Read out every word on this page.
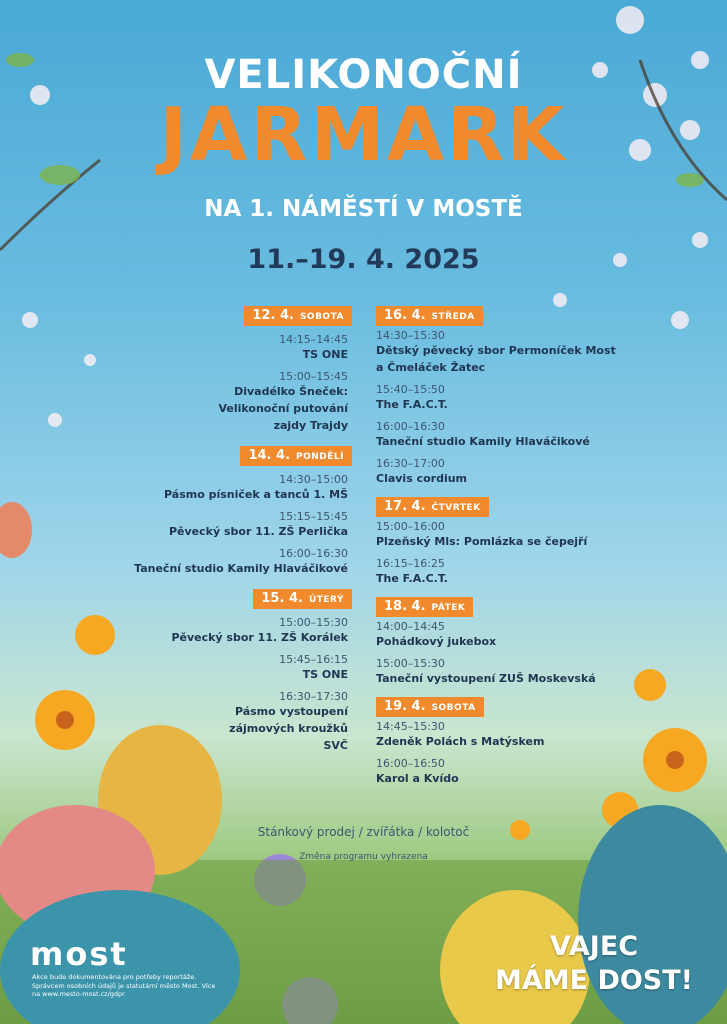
VELIKONOČNÍ
JARMARK
NA 1. NÁMĚSTÍ V MOSTĚ
11.–19. 4. 2025
12. 4. SOBOTA
14:15–14:45
TS ONE
15:00–15:45
Divadélko Šneček: Velikonoční putování zajdy Trajdy
14. 4. PONDĚLÍ
14:30–15:00
Pásmo písniček a tanců 1. MŠ
15:15–15:45
Pěvecký sbor 11. ZŠ Perlička
16:00–16:30
Taneční studio Kamily Hlaváčikové
15. 4. ÚTERÝ
15:00–15:30
Pěvecký sbor 11. ZŠ Korálek
15:45–16:15
TS ONE
16:30–17:30
Pásmo vystoupení zájmových kroužků SVČ
16. 4. STŘEDA
14:30–15:30
Dětský pěvecký sbor Permoníček Most a Čmeláček Žatec
15:40–15:50
The F.A.C.T.
16:00–16:30
Taneční studio Kamily Hlaváčikové
16:30–17:00
Clavis cordium
17. 4. ČTVRTEK
15:00–16:00
Plzeňský Mls: Pomlázka se čepejří
16:15–16:25
The F.A.C.T.
18. 4. PÁTEK
14:00–14:45
Pohádkový jukebox
15:00–15:30
Taneční vystoupení ZUŠ Moskevská
19. 4. SOBOTA
14:45–15:30
Zdeněk Polách s Matýskem
16:00–16:50
Karol a Kvído
Stánkový prodej / zvířátka / kolotoč
Změna programu vyhrazena
most
Akce bude dokumentována pro potřeby reportáže. Správcem osobních údajů je statutární město Most. Více na www.mesto-most.cz/gdpr
VAJEC
MÁME DOST!
